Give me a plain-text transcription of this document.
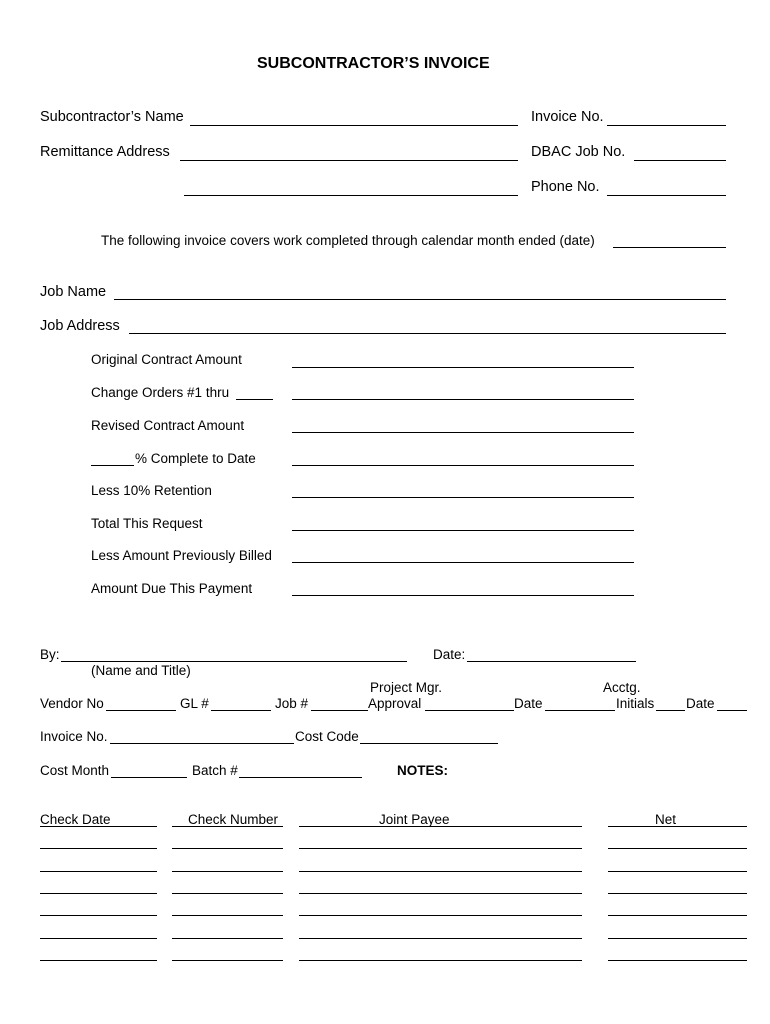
SUBCONTRACTOR’S INVOICE
Subcontractor’s Name	Invoice No.
Remittance Address	DBAC Job No.
Phone No.
The following invoice covers work completed through calendar month ended (date)
Job Name
Job Address
Original Contract Amount
Change Orders #1 thru
Revised Contract Amount
% Complete to Date
Less 10% Retention
Total This Request
Less Amount Previously Billed
Amount Due This Payment
By:
(Name and Title)
Date:
Project Mgr.	Acctg.
Vendor No	GL #	Job #	Approval	Date	Initials Date
Invoice No.	Cost Code
Cost Month	Batch #	NOTES:
Check Date	Check Number	Joint Payee	Net
